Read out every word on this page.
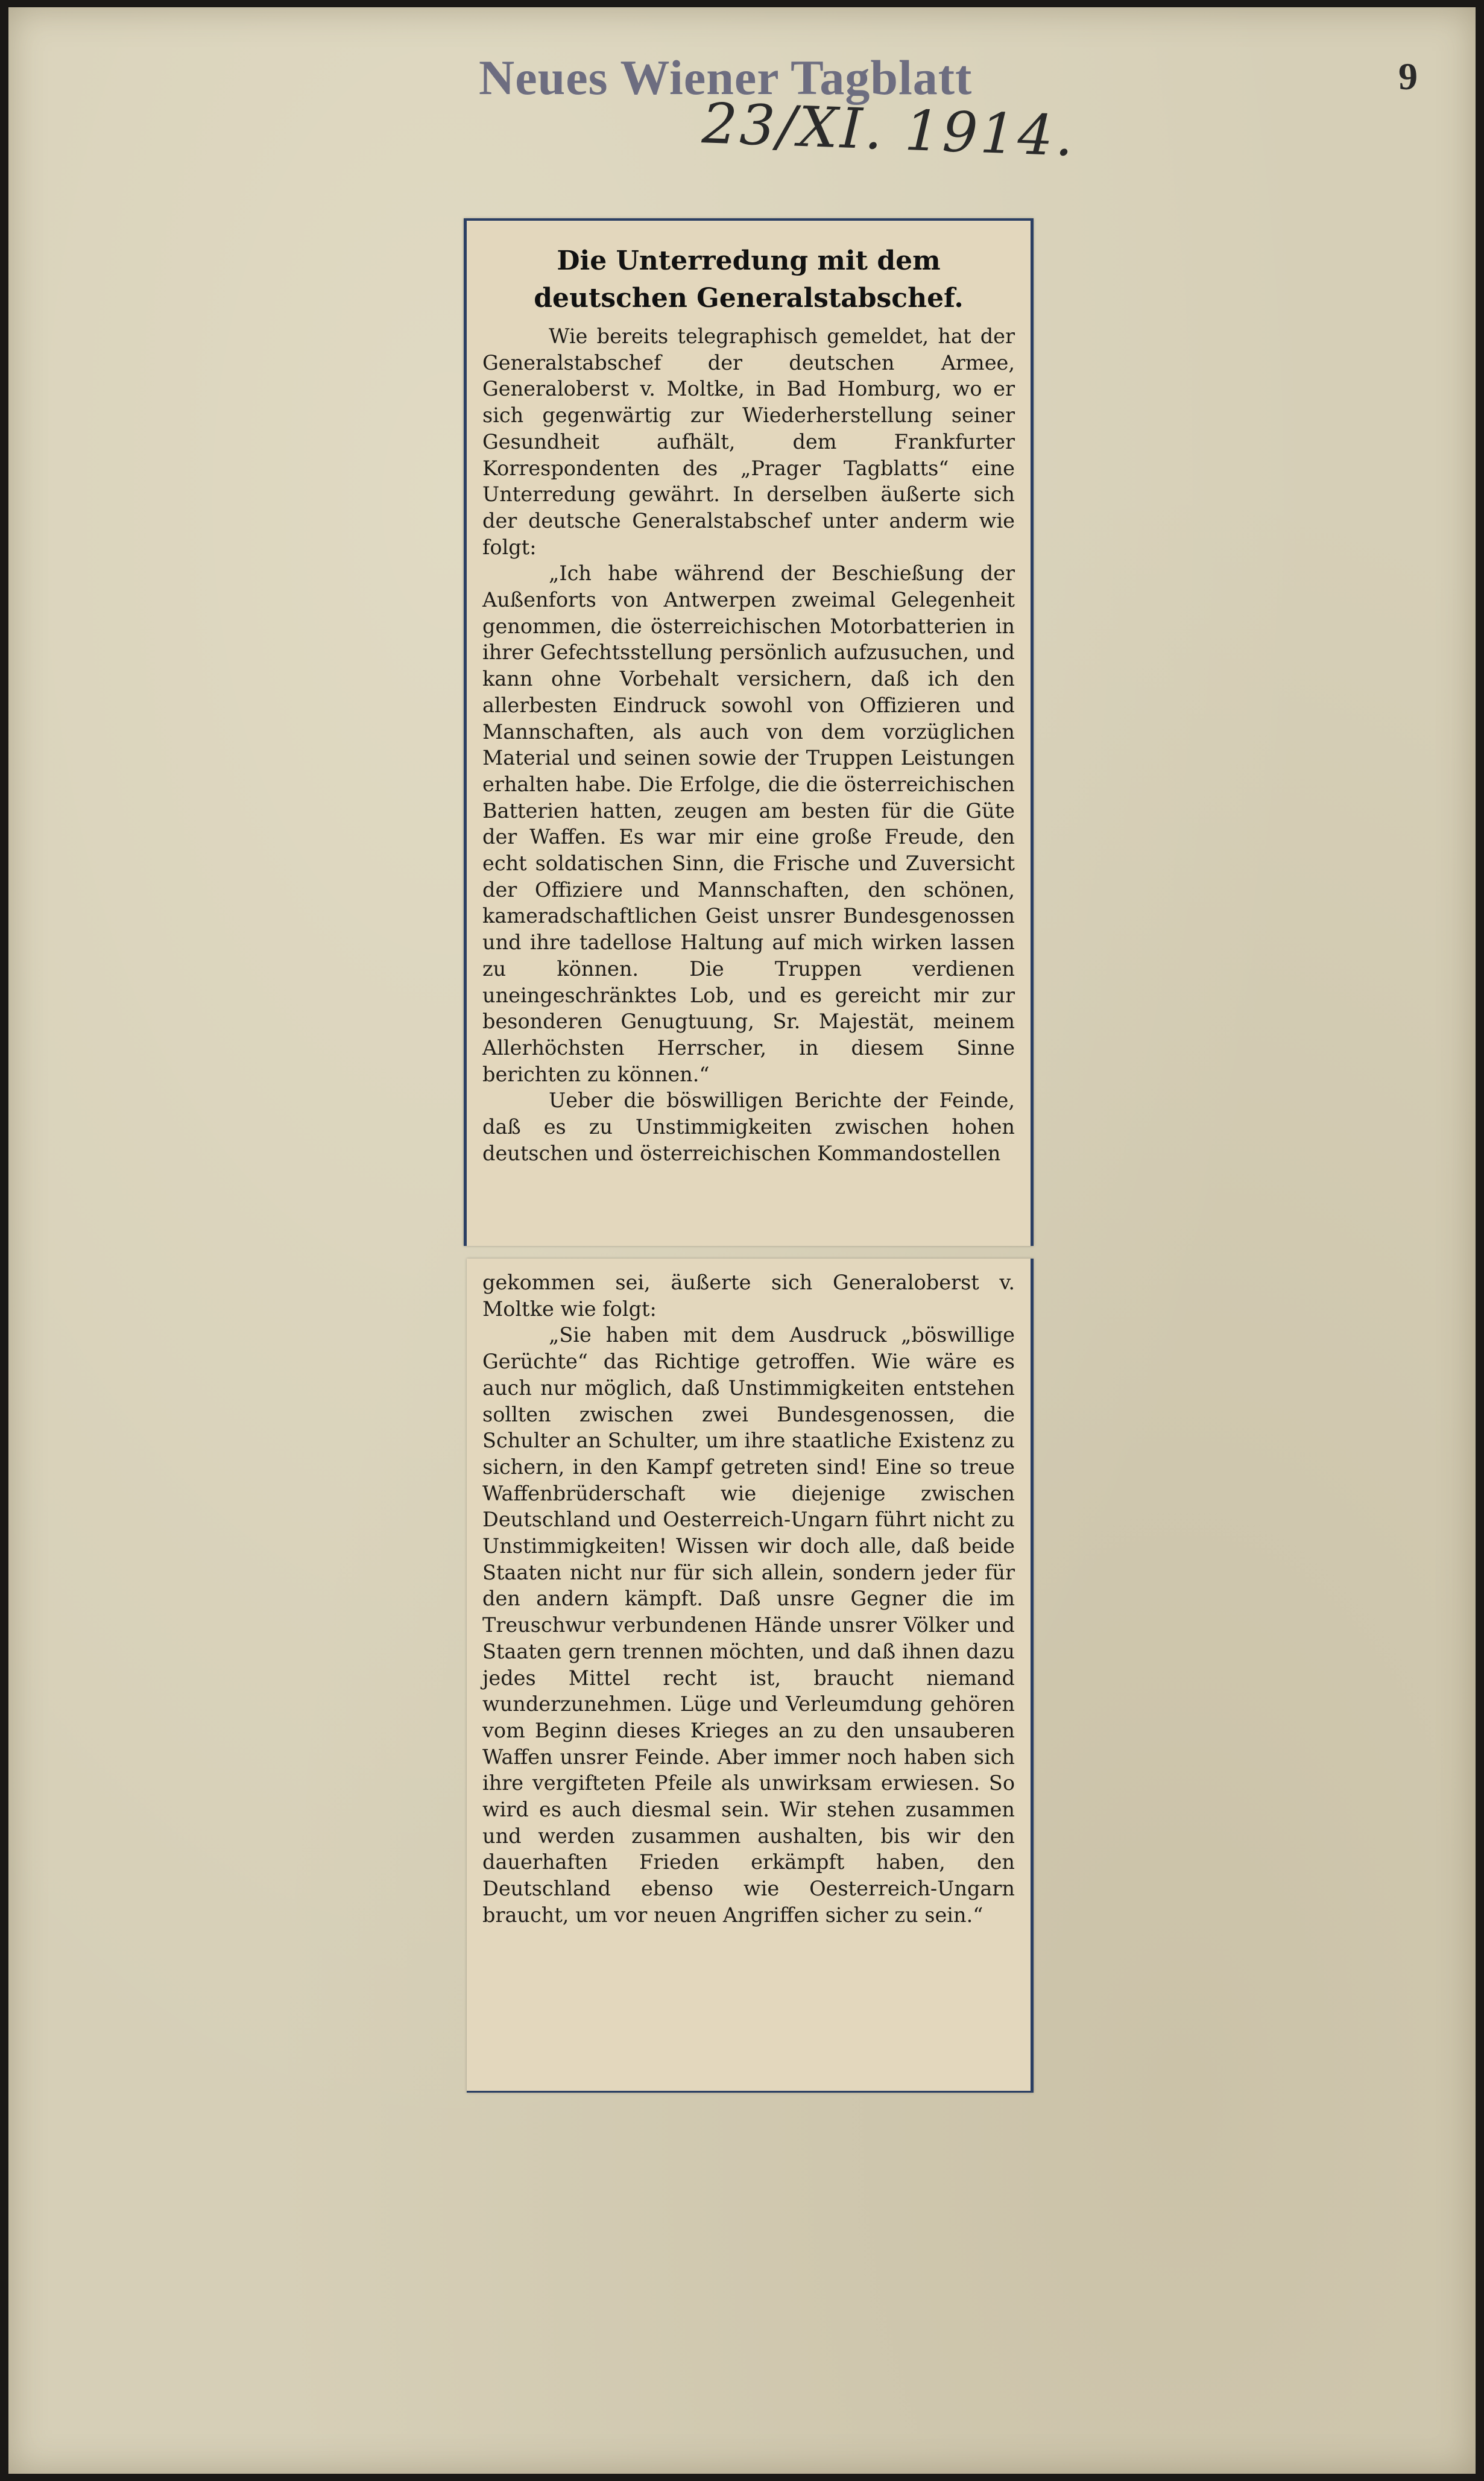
Neues Wiener Tagblatt
23/XI. 1914.
9
Die Unterredung mit dem deutschen Generalstabschef.

Wie bereits telegraphisch gemeldet, hat der Generalstabschef der deutschen Armee, Generaloberst v. Moltke, in Bad Homburg, wo er sich gegenwärtig zur Wiederherstellung seiner Gesundheit aufhält, dem Frankfurter Korrespondenten des „Prager Tagblatts“ eine Unterredung gewährt. In derselben äußerte sich der deutsche Generalstabschef unter anderm wie folgt:

„Ich habe während der Beschießung der Außenforts von Antwerpen zweimal Gelegenheit genommen, die österreichischen Motorbatterien in ihrer Gefechtsstellung persönlich aufzusuchen, und kann ohne Vorbehalt versichern, daß ich den allerbesten Eindruck sowohl von Offizieren und Mannschaften, als auch von dem vorzüglichen Material und seinen sowie der Truppen Leistungen erhalten habe. Die Erfolge, die die österreichischen Batterien hatten, zeugen am besten für die Güte der Waffen. Es war mir eine große Freude, den echt soldatischen Sinn, die Frische und Zuversicht der Offiziere und Mannschaften, den schönen, kameradschaftlichen Geist unsrer Bundesgenossen und ihre tadellose Haltung auf mich wirken lassen zu können. Die Truppen verdienen uneingeschränktes Lob, und es gereicht mir zur besonderen Genugtuung, Sr. Majestät, meinem Allerhöchsten Herrscher, in diesem Sinne berichten zu können.“

Ueber die böswilligen Berichte der Feinde, daß es zu Unstimmigkeiten zwischen hohen deutschen und österreichischen Kommandostellen

gekommen sei, äußerte sich Generaloberst v. Moltke wie folgt:

„Sie haben mit dem Ausdruck „böswillige Gerüchte“ das Richtige getroffen. Wie wäre es auch nur möglich, daß Unstimmigkeiten entstehen sollten zwischen zwei Bundesgenossen, die Schulter an Schulter, um ihre staatliche Existenz zu sichern, in den Kampf getreten sind! Eine so treue Waffenbrüderschaft wie diejenige zwischen Deutschland und Oesterreich-Ungarn führt nicht zu Unstimmigkeiten! Wissen wir doch alle, daß beide Staaten nicht nur für sich allein, sondern jeder für den andern kämpft. Daß unsre Gegner die im Treuschwur verbundenen Hände unsrer Völker und Staaten gern trennen möchten, und daß ihnen dazu jedes Mittel recht ist, braucht niemand wunderzunehmen. Lüge und Verleumdung gehören vom Beginn dieses Krieges an zu den unsauberen Waffen unsrer Feinde. Aber immer noch haben sich ihre vergifteten Pfeile als unwirksam erwiesen. So wird es auch diesmal sein. Wir stehen zusammen und werden zusammen aushalten, bis wir den dauerhaften Frieden erkämpft haben, den Deutschland ebenso wie Oesterreich-Ungarn braucht, um vor neuen Angriffen sicher zu sein.“
